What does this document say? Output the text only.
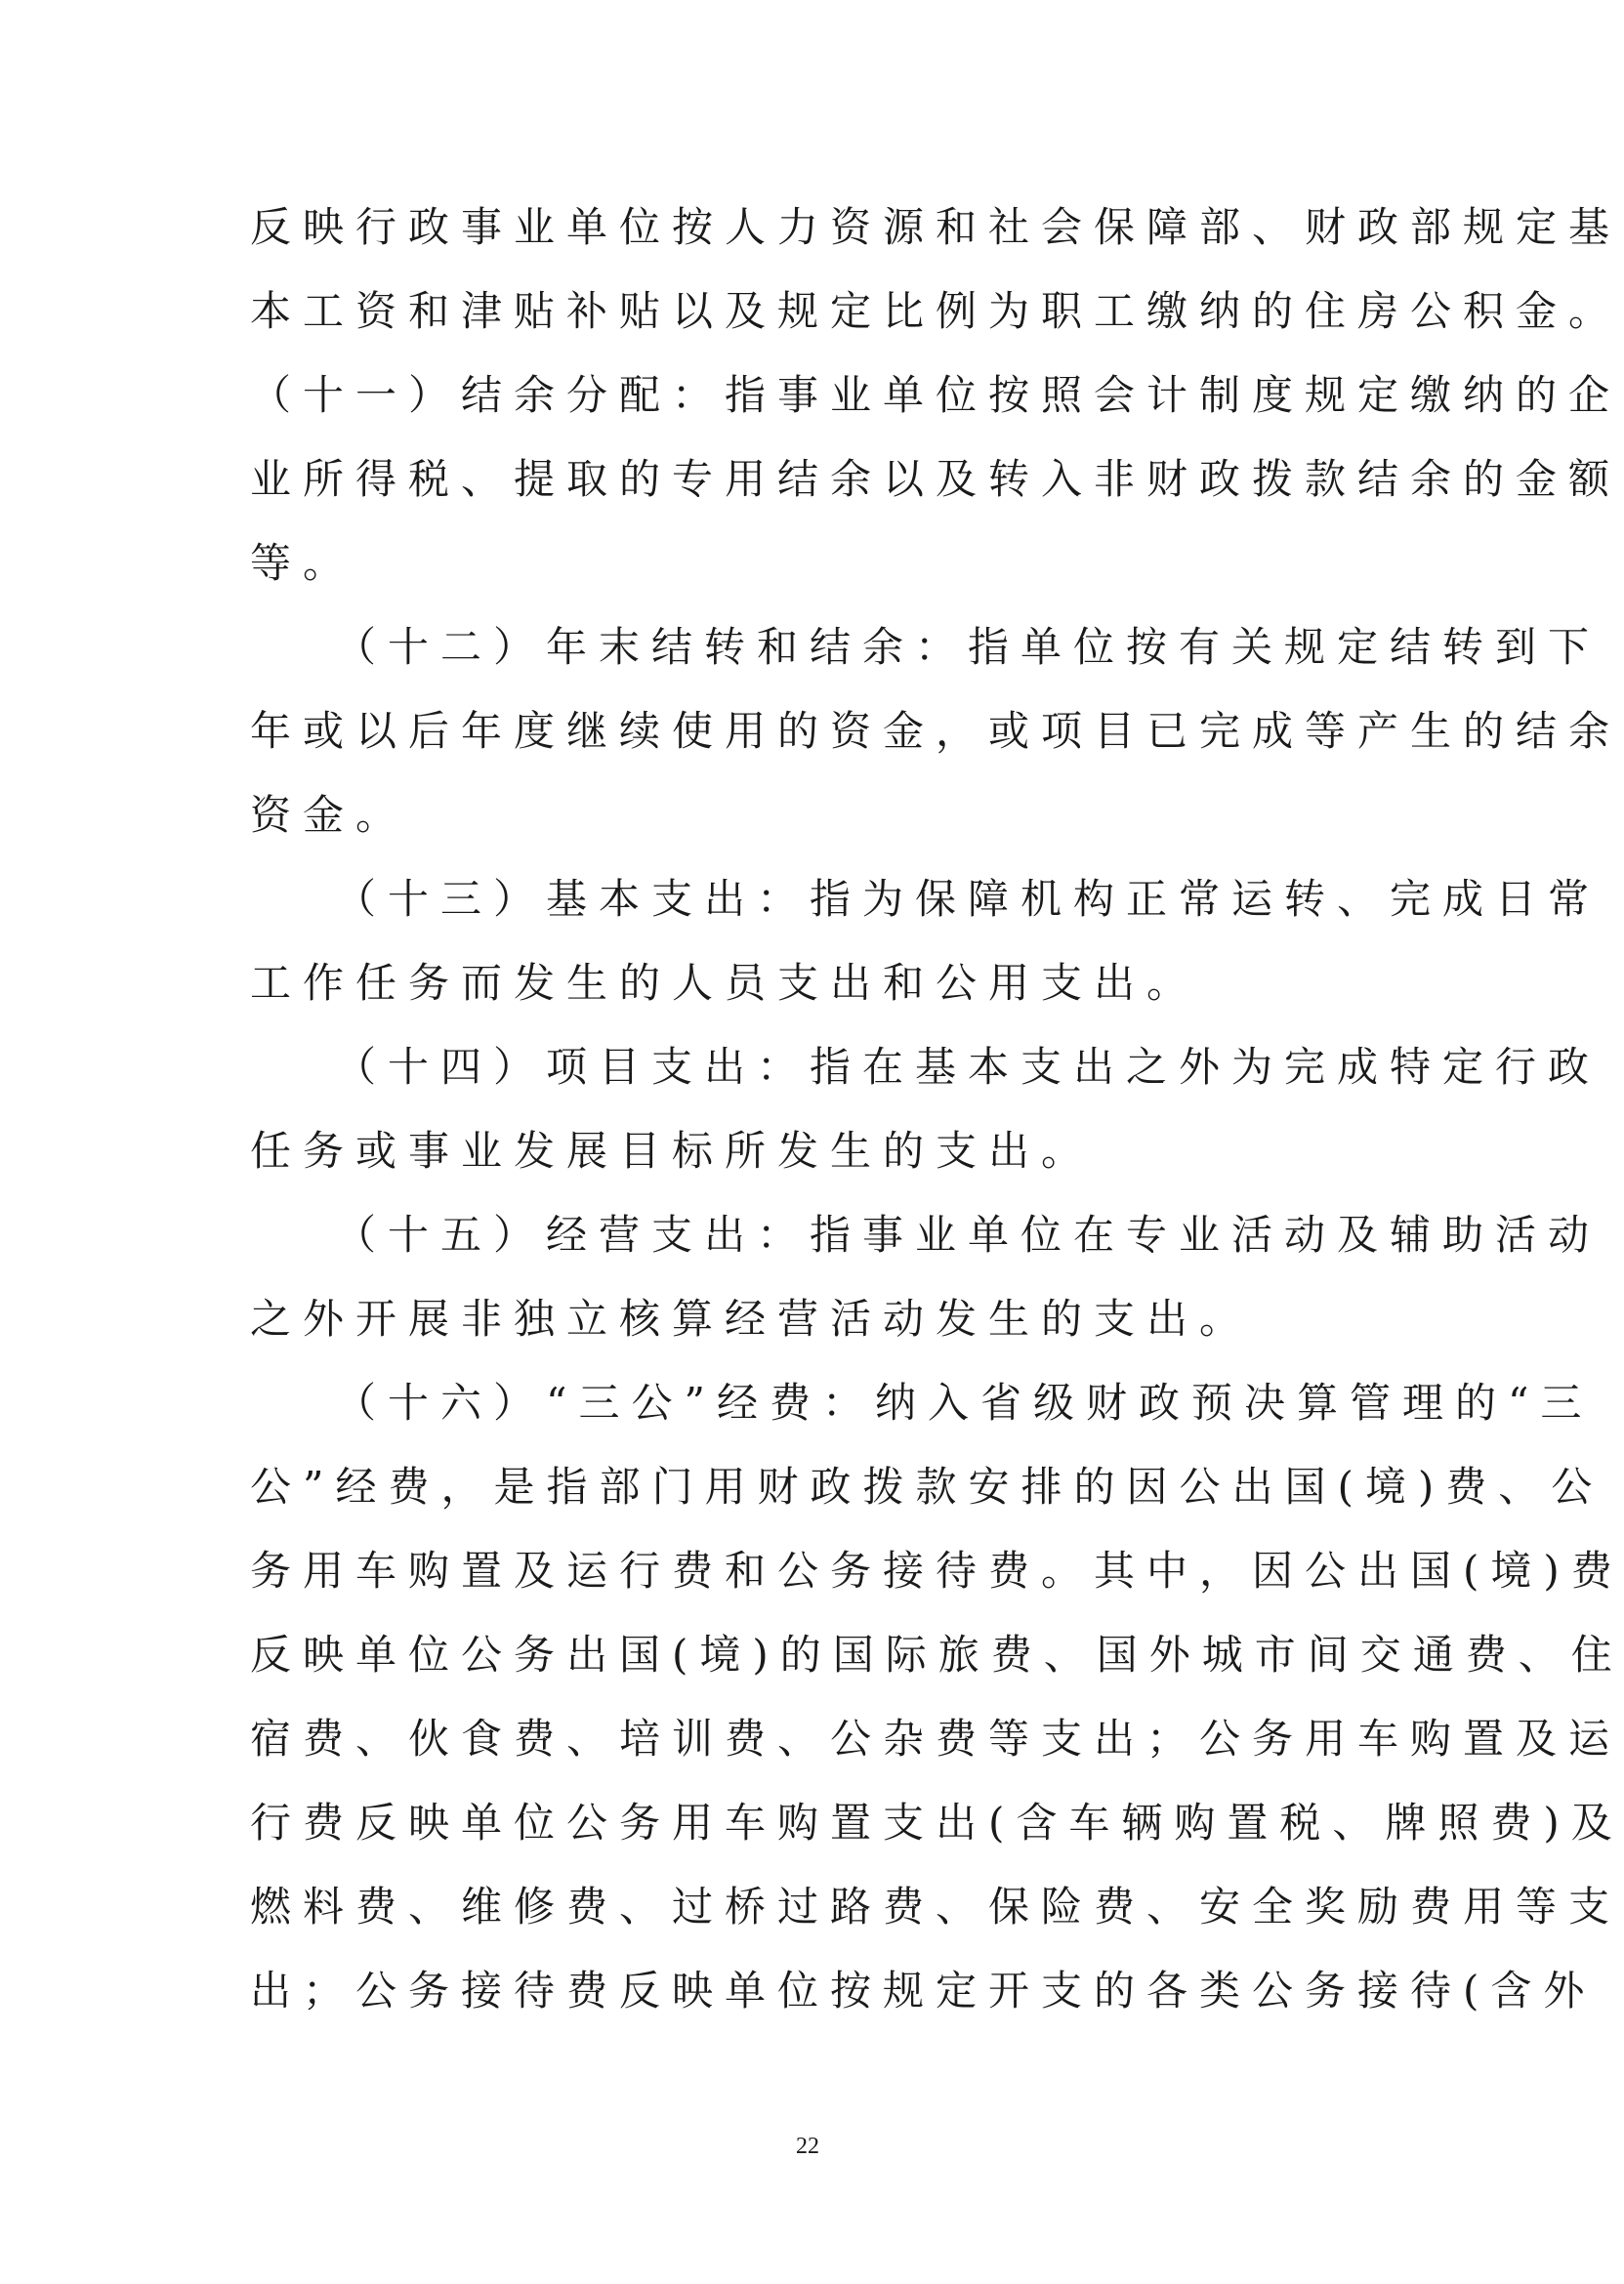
反映行政事业单位按人力资源和社会保障部、财政部规定基
本工资和津贴补贴以及规定比例为职工缴纳的住房公积金。
（十一）结余分配：指事业单位按照会计制度规定缴纳的企
业所得税、提取的专用结余以及转入非财政拨款结余的金额
等。
　　（十二）年末结转和结余：指单位按有关规定结转到下
年或以后年度继续使用的资金，或项目已完成等产生的结余
资金。
　　（十三）基本支出：指为保障机构正常运转、完成日常
工作任务而发生的人员支出和公用支出。
　　（十四）项目支出：指在基本支出之外为完成特定行政
任务或事业发展目标所发生的支出。
　　（十五）经营支出：指事业单位在专业活动及辅助活动
之外开展非独立核算经营活动发生的支出。
　　（十六）“三公”经费：纳入省级财政预决算管理的“三
公”经费，是指部门用财政拨款安排的因公出国(境)费、公
务用车购置及运行费和公务接待费。其中，因公出国(境)费
反映单位公务出国(境)的国际旅费、国外城市间交通费、住
宿费、伙食费、培训费、公杂费等支出；公务用车购置及运
行费反映单位公务用车购置支出(含车辆购置税、牌照费)及
燃料费、维修费、过桥过路费、保险费、安全奖励费用等支
出；公务接待费反映单位按规定开支的各类公务接待(含外
22
